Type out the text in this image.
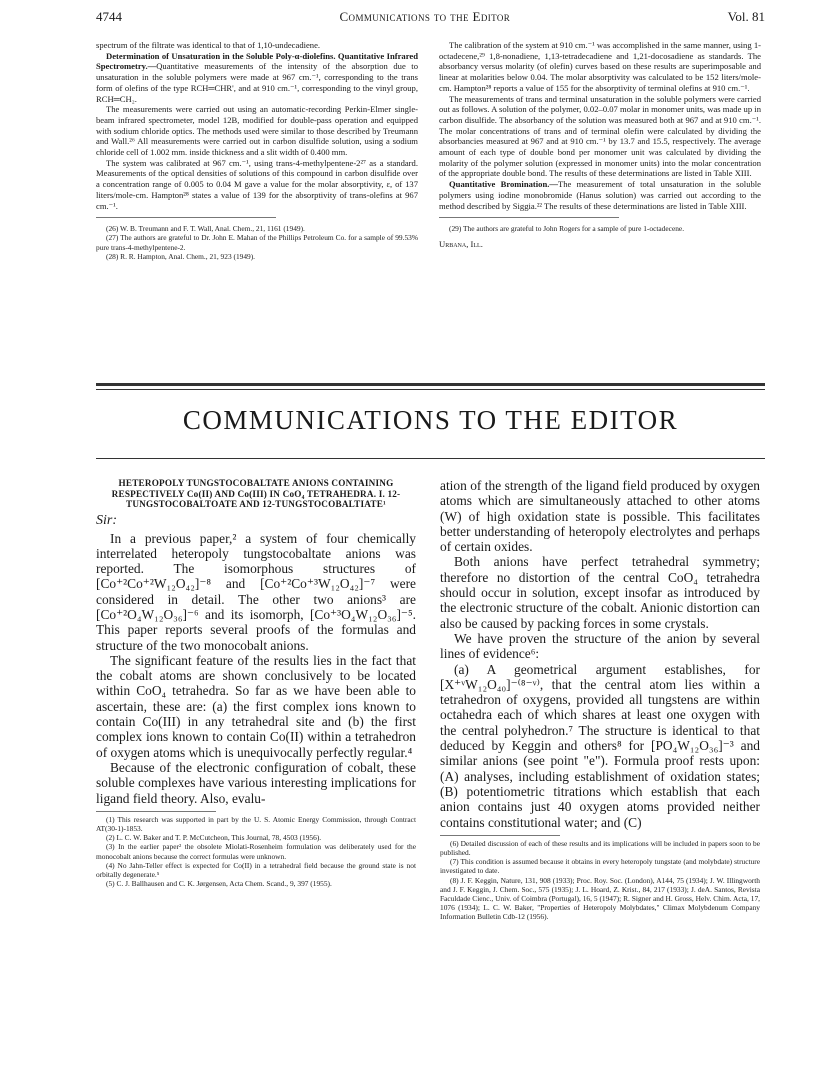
4744	Communications to the Editor	Vol. 81

spectrum of the filtrate was identical to that of 1,10-undecadiene.

Determination of Unsaturation in the Soluble Poly-α-diolefins. Quantitative Infrared Spectrometry.—Quantitative measurements of the intensity of the absorption due to unsaturation in the soluble polymers were made at 967 cm.⁻¹, corresponding to the trans form of olefins of the type RCH═CHR', and at 910 cm.⁻¹, corresponding to the vinyl group, RCH═CH₂.

The measurements were carried out using an automatic-recording Perkin-Elmer single-beam infrared spectrometer, model 12B, modified for double-pass operation and equipped with sodium chloride optics. The methods used were similar to those described by Treumann and Wall.²⁶ All measurements were carried out in carbon disulfide solution, using a sodium chloride cell of 1.002 mm. inside thickness and a slit width of 0.400 mm.

The system was calibrated at 967 cm.⁻¹, using trans-4-methylpentene-2²⁷ as a standard. Measurements of the optical densities of solutions of this compound in carbon disulfide over a concentration range of 0.005 to 0.04 M gave a value for the molar absorptivity, ε, of 137 liters/mole-cm. Hampton²⁸ states a value of 139 for the absorptivity of trans-olefins at 967 cm.⁻¹.

(26) W. B. Treumann and F. T. Wall, Anal. Chem., 21, 1161 (1949).

(27) The authors are grateful to Dr. John E. Mahan of the Phillips Petroleum Co. for a sample of 99.53% pure trans-4-methylpentene-2.

(28) R. R. Hampton, Anal. Chem., 21, 923 (1949).

The calibration of the system at 910 cm.⁻¹ was accomplished in the same manner, using 1-octadecene,²⁹ 1,8-nonadiene, 1,13-tetradecadiene and 1,21-docosadiene as standards. The absorbancy versus molarity (of olefin) curves based on these results are superimposable and linear at molarities below 0.04. The molar absorptivity was calculated to be 152 liters/mole-cm. Hampton²⁸ reports a value of 155 for the absorptivity of terminal olefins at 910 cm.⁻¹.

The measurements of trans and terminal unsaturation in the soluble polymers were carried out as follows. A solution of the polymer, 0.02–0.07 molar in monomer units, was made up in carbon disulfide. The absorbancy of the solution was measured both at 967 and at 910 cm.⁻¹. The molar concentrations of trans and of terminal olefin were calculated by dividing the absorbancies measured at 967 and at 910 cm.⁻¹ by 13.7 and 15.5, respectively. The average amount of each type of double bond per monomer unit was calculated by dividing the molarity of the polymer solution (expressed in monomer units) into the molar concentration of the appropriate double bond. The results of these determinations are listed in Table XIII.

Quantitative Bromination.—The measurement of total unsaturation in the soluble polymers using iodine monobromide (Hanus solution) was carried out according to the method described by Siggia.²² The results of these determinations are listed in Table XIII.

(29) The authors are grateful to John Rogers for a sample of pure 1-octadecene.

Urbana, Ill.
COMMUNICATIONS TO THE EDITOR

HETEROPOLY TUNGSTOCOBALTATE ANIONS CONTAINING RESPECTIVELY Co(II) AND Co(III) IN CoO₄ TETRAHEDRA. I. 12-TUNGSTOCOBALTOATE AND 12-TUNGSTOCOBALTIATE¹

Sir:

In a previous paper,² a system of four chemically interrelated heteropoly tungstocobaltate anions was reported. The isomorphous structures of [Co⁺²Co⁺²W₁₂O₄₂]⁻⁸ and [Co⁺²Co⁺³W₁₂O₄₂]⁻⁷ were considered in detail. The other two anions³ are [Co⁺²O₄W₁₂O₃₆]⁻⁶ and its isomorph, [Co⁺³O₄W₁₂O₃₆]⁻⁵. This paper reports several proofs of the formulas and structure of the two monocobalt anions.

The significant feature of the results lies in the fact that the cobalt atoms are shown conclusively to be located within CoO₄ tetrahedra. So far as we have been able to ascertain, these are: (a) the first complex ions known to contain Co(III) in any tetrahedral site and (b) the first complex ions known to contain Co(II) within a tetrahedron of oxygen atoms which is unequivocally perfectly regular.⁴

Because of the electronic configuration of cobalt, these soluble complexes have various interesting implications for ligand field theory. Also, evalu-

(1) This research was supported in part by the U. S. Atomic Energy Commission, through Contract AT(30-1)-1853.

(2) L. C. W. Baker and T. P. McCutcheon, This Journal, 78, 4503 (1956).

(3) In the earlier paper² the obsolete Miolati-Rosenheim formulation was deliberately used for the monocobalt anions because the correct formulas were unknown.

(4) No Jahn-Teller effect is expected for Co(II) in a tetrahedral field because the ground state is not orbitally degenerate.⁵

(5) C. J. Ballhausen and C. K. Jørgensen, Acta Chem. Scand., 9, 397 (1955).

ation of the strength of the ligand field produced by oxygen atoms which are simultaneously attached to other atoms (W) of high oxidation state is possible. This facilitates better understanding of heteropoly electrolytes and perhaps of certain oxides.

Both anions have perfect tetrahedral symmetry; therefore no distortion of the central CoO₄ tetrahedra should occur in solution, except insofar as introduced by the electronic structure of the cobalt. Anionic distortion can also be caused by packing forces in some crystals.

We have proven the structure of the anion by several lines of evidence⁶:

(a) A geometrical argument establishes, for [X⁺ᵛW₁₂O₄₀]⁻⁽⁸⁻ᵛ⁾, that the central atom lies within a tetrahedron of oxygens, provided all tungstens are within octahedra each of which shares at least one oxygen with the central polyhedron.⁷ The structure is identical to that deduced by Keggin and others⁸ for [PO₄W₁₂O₃₆]⁻³ and similar anions (see point "e"). Formula proof rests upon: (A) analyses, including establishment of oxidation states; (B) potentiometric titrations which establish that each anion contains just 40 oxygen atoms provided neither contains constitutional water; and (C)

(6) Detailed discussion of each of these results and its implications will be included in papers soon to be published.

(7) This condition is assumed because it obtains in every heteropoly tungstate (and molybdate) structure investigated to date.

(8) J. F. Keggin, Nature, 131, 908 (1933); Proc. Roy. Soc. (London), A144, 75 (1934); J. W. Illingworth and J. F. Keggin, J. Chem. Soc., 575 (1935); J. L. Hoard, Z. Krist., 84, 217 (1933); J. deA. Santos, Revista Faculdade Cienc., Univ. of Coimbra (Portugal), 16, 5 (1947); R. Signer and H. Gross, Helv. Chim. Acta, 17, 1076 (1934); L. C. W. Baker, "Properties of Heteropoly Molybdates," Climax Molybdenum Company Information Bulletin Cdb-12 (1956).
